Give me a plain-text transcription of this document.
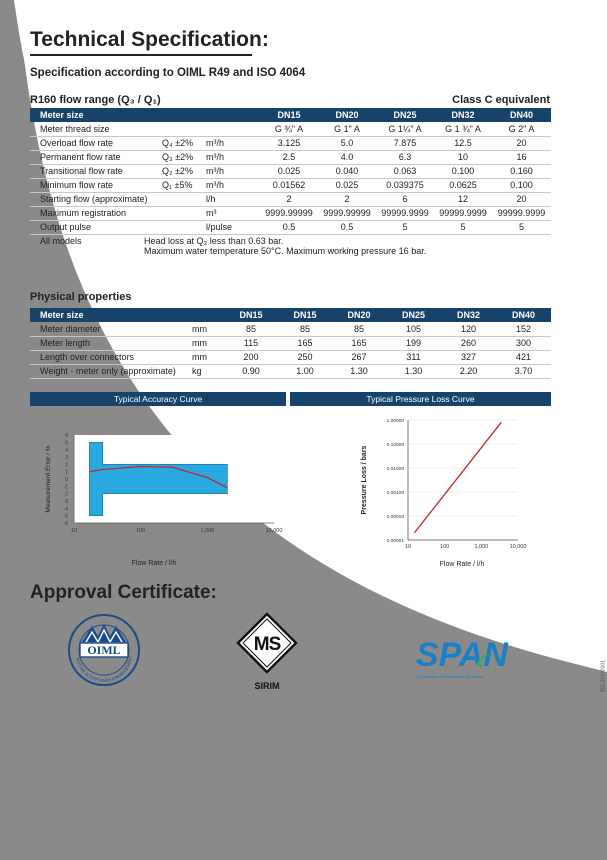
Technical Specification:
Specification according to OIML R49 and ISO 4064
R160 flow range (Q₃ / Q₁)	Class C equivalent
Meter size			DN15	DN20	DN25	DN32	DN40
Meter thread size			G ¾" A	G 1" A	G 1¼" A	G 1 ¾" A	G 2" A
Overload flow rate	Q₄ ±2%	m³/h	3.125	5.0	7.875	12.5	20
Permanent flow rate	Q₃ ±2%	m³/h	2.5	4.0	6.3	10	16
Transitional flow rate	Q₂ ±2%	m³/h	0.025	0.040	0.063	0.100	0.160
Minimum flow rate	Q₁ ±5%	m³/h	0.01562	0.025	0.039375	0.0625	0.100
Starting flow (approximate)		l/h	2	2	6	12	20
Maximum registration		m³	9999.99999	9999.99999	99999.9999	99999.9999	99999.9999
Output pulse		l/pulse	0.5	0.5	5	5	5
All models	Head loss at Q₃ less than 0.63 bar.
Maximum water temperature 50°C. Maximum working pressure 16 bar.
Physical properties
Meter size		DN15	DN15	DN20	DN25	DN32	DN40
Meter diameter	mm	85	85	85	105	120	152
Meter length	mm	115	165	165	199	260	300
Length over connectors	mm	200	250	267	311	327	421
Weight - meter only (approximate)	kg	0.90	1.00	1.30	1.30	2.20	3.70
Typical Accuracy Curve	Typical Pressure Loss Curve
6
5
4
3
2
1
0
-1
-2
-3
-4
-5
-6
10	100	1,000	10,000
Flow Rate / l/h
Measurement Error / %
1.00000
0.10000
0.01000
0.00100
0.00010
0.00001
10	100	1,000	10,000
Flow Rate / l/h
Pressure Loss / bars
Approval Certificate:
OIML
MUTUAL ACCEPTANCE ARRANGEMENT
MS
SIRIM
SPAN
Suruhanjaya Perkhidmatan Air Negara	IDC-20190101
